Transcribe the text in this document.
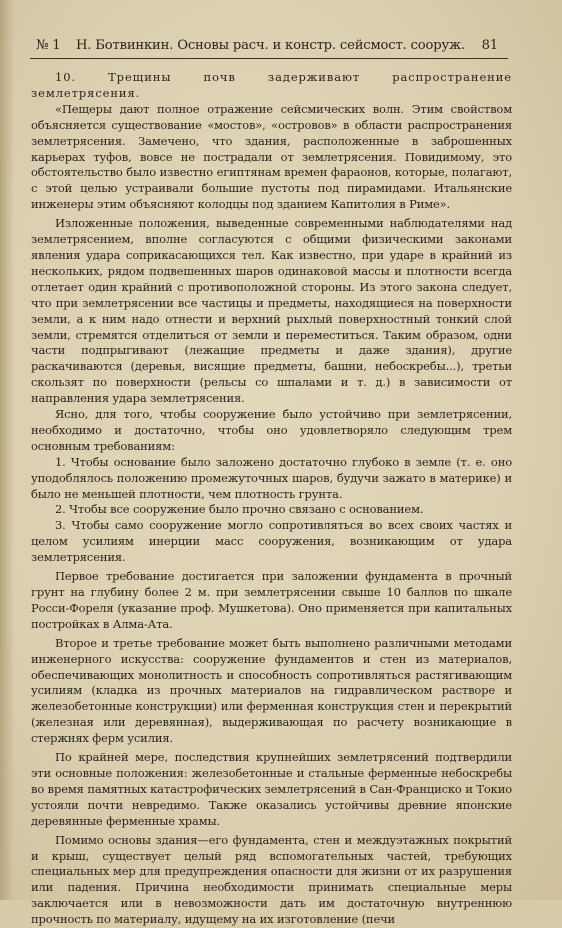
№ 1 Н. Ботвинкин. Основы расч. и констр. сейсмост. сооруж. 81

10. Трещины почв задерживают распространение землетрясения.

«Пещеры дают полное отражение сейсмических волн. Этим свойством объясняется существование «мостов», «островов» в области распространения землетрясения. Замечено, что здания, расположенные в заброшенных карьерах туфов, вовсе не пострадали от землетрясения. Повидимому, это обстоятельство было известно египтянам времен фараонов, которые, полагают, с этой целью устраивали большие пустоты под пирамидами. Итальянские инженеры этим объясняют колодцы под зданием Капитолия в Риме».

Изложенные положения, выведенные современными наблюдателями над землетрясением, вполне согласуются с общими физическими законами явления удара соприкасающихся тел. Как известно, при ударе в крайний из нескольких, рядом подвешенных шаров одинаковой массы и плотности всегда отлетает один крайний с противоположной стороны. Из этого закона следует, что при землетрясении все частицы и предметы, находящиеся на поверхности земли, а к ним надо отнести и верхний рыхлый поверхностный тонкий слой земли, стремятся отделиться от земли и переместиться. Таким образом, одни части подпрыгивают (лежащие предметы и даже здания), другие раскачиваются (деревья, висящие предметы, башни, небоскребы...), третьи скользят по поверхности (рельсы со шпалами и т. д.) в зависимости от направления удара землетрясения.

Ясно, для того, чтобы сооружение было устойчиво при землетрясении, необходимо и достаточно, чтобы оно удовлетворяло следующим трем основным требованиям:

1. Чтобы основание было заложено достаточно глубоко в земле (т. е. оно уподоблялось положению промежуточных шаров, будучи зажато в материке) и было не меньшей плотности, чем плотность грунта.

2. Чтобы все сооружение было прочно связано с основанием.

3. Чтобы само сооружение могло сопротивляться во всех своих частях и целом усилиям инерции масс сооружения, возникающим от удара землетрясения.

Первое требование достигается при заложении фундамента в прочный грунт на глубину более 2 м. при землетрясении свыше 10 баллов по шкале Росси-Фореля (указание проф. Мушкетова). Оно применяется при капитальных постройках в Алма-Ата.

Второе и третье требование может быть выполнено различными методами инженерного искусства: сооружение фундаментов и стен из материалов, обеспечивающих монолитность и способность сопротивляться растягивающим усилиям (кладка из прочных материалов на гидравлическом растворе и железобетонные конструкции) или ферменная конструкция стен и перекрытий (железная или деревянная), выдерживающая по расчету возникающие в стержнях ферм усилия.

По крайней мере, последствия крупнейших землетрясений подтвердили эти основные положения: железобетонные и стальные ферменные небоскребы во время памятных катастрофических землетрясений в Сан-Франциско и Токио устояли почти невредимо. Также оказались устойчивы древние японские деревянные ферменные храмы.

Помимо основы здания—его фундамента, стен и междуэтажных покрытий и крыш, существует целый ряд вспомогательных частей, требующих специальных мер для предупреждения опасности для жизни от их разрушения или падения. Причина необходимости принимать специальные меры заключается или в невозможности дать им достаточную внутреннюю прочность по материалу, идущему на их изготовление (печи
